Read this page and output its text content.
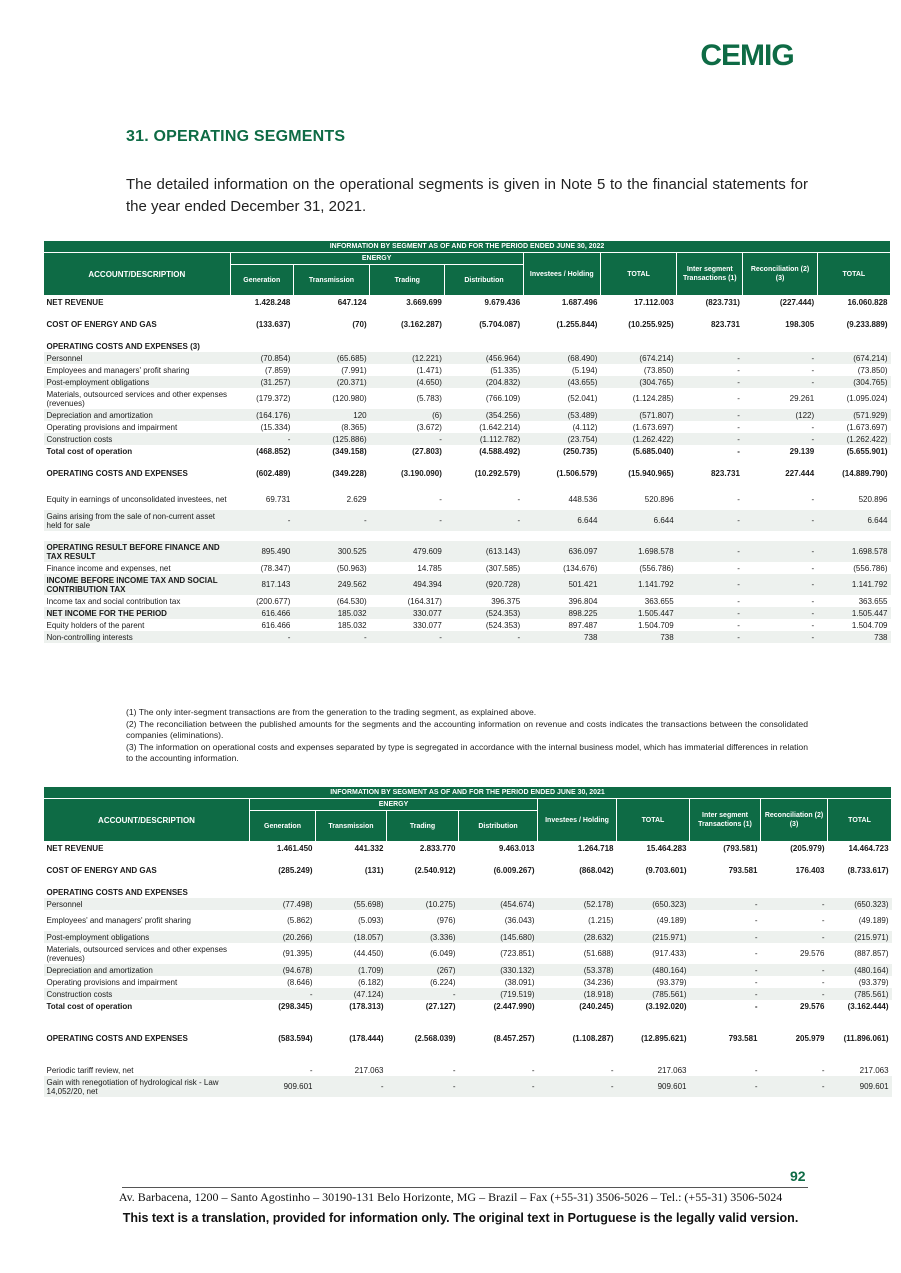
CEMIG
31. OPERATING SEGMENTS
The detailed information on the operational segments is given in Note 5 to the financial statements for the year ended December 31, 2021.
INFORMATION BY SEGMENT AS OF AND FOR THE PERIOD ENDED JUNE 30, 2022									
ACCOUNT/DESCRIPTION	ENERGY				Investees / Holding	TOTAL	Inter segment Transactions (1)	Reconciliation (2) (3)	TOTAL
	Generation	Transmission	Trading	Distribution					
NET REVENUE	1.428.248	647.124	3.669.699	9.679.436	1.687.496	17.112.003	(823.731)	(227.444)	16.060.828

COST OF ENERGY AND GAS	(133.637)	(70)	(3.162.287)	(5.704.087)	(1.255.844)	(10.255.925)	823.731	198.305	(9.233.889)

OPERATING COSTS AND EXPENSES (3)									
Personnel	(70.854)	(65.685)	(12.221)	(456.964)	(68.490)	(674.214)	-	-	(674.214)
Employees and managers' profit sharing	(7.859)	(7.991)	(1.471)	(51.335)	(5.194)	(73.850)	-	-	(73.850)
Post-employment obligations	(31.257)	(20.371)	(4.650)	(204.832)	(43.655)	(304.765)	-	-	(304.765)
Materials, outsourced services and other expenses (revenues)	(179.372)	(120.980)	(5.783)	(766.109)	(52.041)	(1.124.285)	-	29.261	(1.095.024)
Depreciation and amortization	(164.176)	120	(6)	(354.256)	(53.489)	(571.807)	-	(122)	(571.929)
Operating provisions and impairment	(15.334)	(8.365)	(3.672)	(1.642.214)	(4.112)	(1.673.697)	-	-	(1.673.697)
Construction costs	-	(125.886)	-	(1.112.782)	(23.754)	(1.262.422)	-	-	(1.262.422)
Total cost of operation	(468.852)	(349.158)	(27.803)	(4.588.492)	(250.735)	(5.685.040)	-	29.139	(5.655.901)

OPERATING COSTS AND EXPENSES	(602.489)	(349.228)	(3.190.090)	(10.292.579)	(1.506.579)	(15.940.965)	823.731	227.444	(14.889.790)

Equity in earnings of unconsolidated investees, net	69.731	2.629	-	-	448.536	520.896	-	-	520.896
Gains arising from the sale of non-current asset held for sale	-	-	-	-	6.644	6.644	-	-	6.644

OPERATING RESULT BEFORE FINANCE AND TAX RESULT	895.490	300.525	479.609	(613.143)	636.097	1.698.578	-	-	1.698.578
Finance income and expenses, net	(78.347)	(50.963)	14.785	(307.585)	(134.676)	(556.786)	-	-	(556.786)
INCOME BEFORE INCOME TAX AND SOCIAL CONTRIBUTION TAX	817.143	249.562	494.394	(920.728)	501.421	1.141.792	-	-	1.141.792
Income tax and social contribution tax	(200.677)	(64.530)	(164.317)	396.375	396.804	363.655	-	-	363.655
NET INCOME FOR THE PERIOD	616.466	185.032	330.077	(524.353)	898.225	1.505.447	-	-	1.505.447
Equity holders of the parent	616.466	185.032	330.077	(524.353)	897.487	1.504.709	-	-	1.504.709
Non-controlling interests	-	-	-	-	738	738	-	-	738
(1) The only inter-segment transactions are from the generation to the trading segment, as explained above.
(2) The reconciliation between the published amounts for the segments and the accounting information on revenue and costs indicates the transactions between the consolidated companies (eliminations).
(3) The information on operational costs and expenses separated by type is segregated in accordance with the internal business model, which has immaterial differences in relation to the accounting information.
INFORMATION BY SEGMENT AS OF AND FOR THE PERIOD ENDED JUNE 30, 2021									
ACCOUNT/DESCRIPTION	ENERGY				Investees / Holding	TOTAL	Inter segment Transactions (1)	Reconciliation (2) (3)	TOTAL
	Generation	Transmission	Trading	Distribution					
NET REVENUE	1.461.450	441.332	2.833.770	9.463.013	1.264.718	15.464.283	(793.581)	(205.979)	14.464.723

COST OF ENERGY AND GAS	(285.249)	(131)	(2.540.912)	(6.009.267)	(868.042)	(9.703.601)	793.581	176.403	(8.733.617)

OPERATING COSTS AND EXPENSES									
Personnel	(77.498)	(55.698)	(10.275)	(454.674)	(52.178)	(650.323)	-	-	(650.323)
Employees' and managers' profit sharing	(5.862)	(5.093)	(976)	(36.043)	(1.215)	(49.189)	-	-	(49.189)
Post-employment obligations	(20.266)	(18.057)	(3.336)	(145.680)	(28.632)	(215.971)	-	-	(215.971)
Materials, outsourced services and other expenses (revenues)	(91.395)	(44.450)	(6.049)	(723.851)	(51.688)	(917.433)	-	29.576	(887.857)
Depreciation and amortization	(94.678)	(1.709)	(267)	(330.132)	(53.378)	(480.164)	-	-	(480.164)
Operating provisions and impairment	(8.646)	(6.182)	(6.224)	(38.091)	(34.236)	(93.379)	-	-	(93.379)
Construction costs	-	(47.124)	-	(719.519)	(18.918)	(785.561)	-	-	(785.561)
Total cost of operation	(298.345)	(178.313)	(27.127)	(2.447.990)	(240.245)	(3.192.020)	-	29.576	(3.162.444)

OPERATING COSTS AND EXPENSES	(583.594)	(178.444)	(2.568.039)	(8.457.257)	(1.108.287)	(12.895.621)	793.581	205.979	(11.896.061)

Periodic tariff review, net	-	217.063	-	-	-	217.063	-	-	217.063
Gain with renegotiation of hydrological risk - Law 14,052/20, net	909.601	-	-	-	-	909.601	-	-	909.601
92
Av. Barbacena, 1200 – Santo Agostinho – 30190-131 Belo Horizonte, MG – Brazil – Fax (+55-31) 3506-5026 – Tel.: (+55-31) 3506-5024
This text is a translation, provided for information only. The original text in Portuguese is the legally valid version.
